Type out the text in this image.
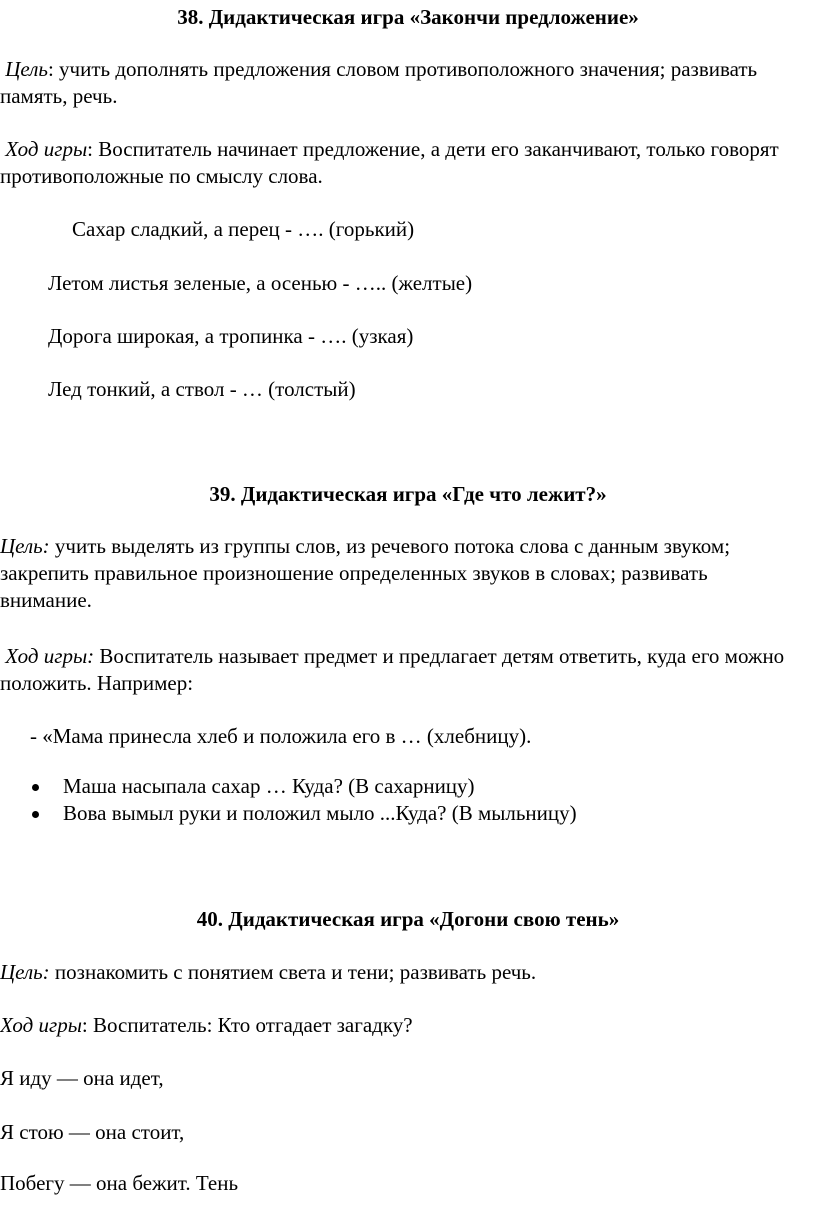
38. Дидактическая игра «Закончи предложение»
Цель: учить дополнять предложения словом противоположного значения; развивать память, речь.
Ход игры: Воспитатель начинает предложение, а дети его заканчивают, только говорят противоположные по смыслу слова.
Сахар сладкий, а перец - …. (горький)
Летом листья зеленые, а осенью - ….. (желтые)
Дорога широкая, а тропинка - …. (узкая)
Лед тонкий, а ствол - … (толстый)
39. Дидактическая игра «Где что лежит?»
Цель: учить выделять из группы слов, из речевого потока слова с данным звуком; закрепить правильное произношение определенных звуков в словах; развивать внимание.
Ход игры: Воспитатель называет предмет и предлагает детям ответить, куда его можно положить. Например:
- «Мама принесла хлеб и положила его в … (хлебницу).
Маша насыпала сахар … Куда? (В сахарницу)
Вова вымыл руки и положил мыло ...Куда? (В мыльницу)
40. Дидактическая игра «Догони свою тень»
Цель: познакомить с понятием света и тени; развивать речь.
Ход игры: Воспитатель: Кто отгадает загадку?
Я иду — она идет,
Я стою — она стоит,
Побегу — она бежит. Тень
